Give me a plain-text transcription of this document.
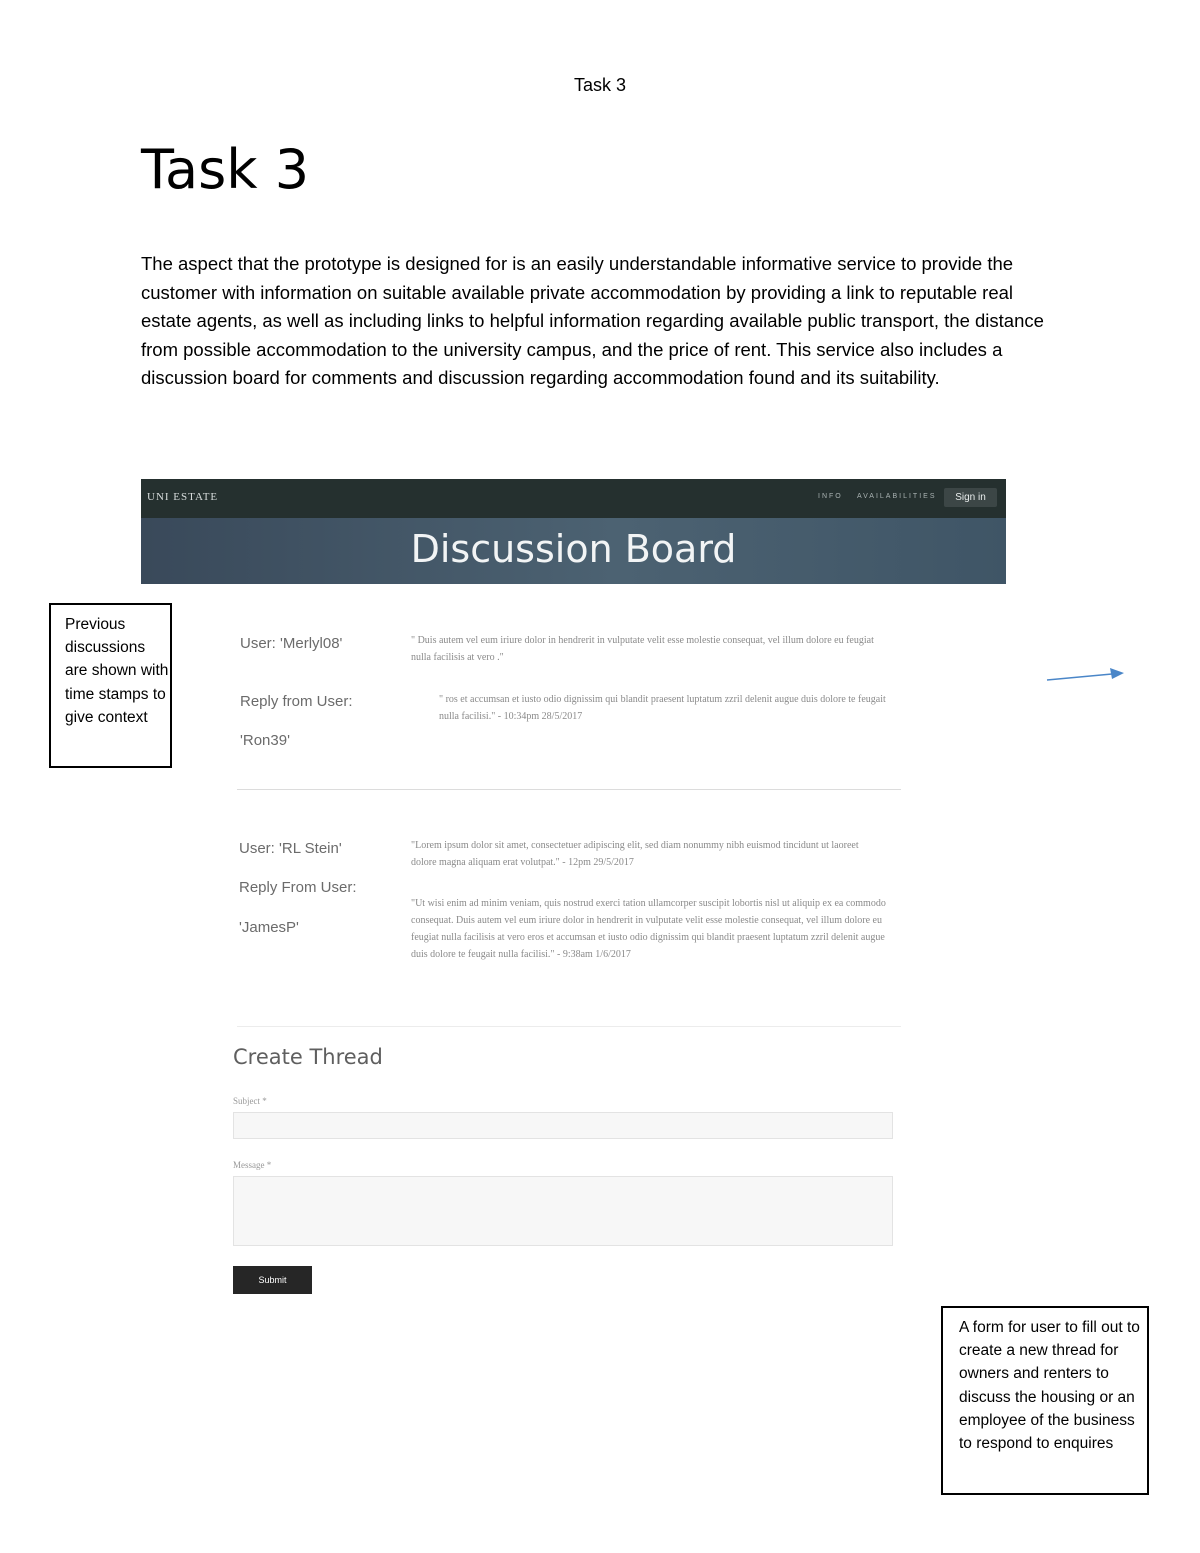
Task 3
Task 3

The aspect that the prototype is designed for is an easily understandable informative service to provide the customer with information on suitable available private accommodation by providing a link to reputable real estate agents, as well as including links to helpful information regarding available public transport, the distance from possible accommodation to the university campus, and the price of rent. This service also includes a discussion board for comments and discussion regarding accommodation found and its suitability.

UNI ESTATE	INFO AVAILABILITIES	Sign in
Discussion Board
User: 'Merlyl08'	" Duis autem vel eum iriure dolor in hendrerit in vulputate velit esse molestie consequat, vel illum dolore eu feugiat nulla facilisis at vero ."
Reply from User:
'Ron39'
" ros et accumsan et iusto odio dignissim qui blandit praesent luptatum zzril delenit augue duis dolore te feugait nulla facilisi." - 10:34pm 28/5/2017
User: 'RL Stein'	"Lorem ipsum dolor sit amet, consectetuer adipiscing elit, sed diam nonummy nibh euismod tincidunt ut laoreet dolore magna aliquam erat volutpat." - 12pm 29/5/2017
Reply From User:
'JamesP'
"Ut wisi enim ad minim veniam, quis nostrud exerci tation ullamcorper suscipit lobortis nisl ut aliquip ex ea commodo consequat. Duis autem vel eum iriure dolor in hendrerit in vulputate velit esse molestie consequat, vel illum dolore eu feugiat nulla facilisis at vero eros et accumsan et iusto odio dignissim qui blandit praesent luptatum zzril delenit augue duis dolore te feugait nulla facilisi." - 9:38am 1/6/2017
Create Thread
Subject *
Message *
Submit
Previous discussions are shown with time stamps to give context
A form for user to fill out to create a new thread for owners and renters to discuss the housing or an employee of the business to respond to enquires
